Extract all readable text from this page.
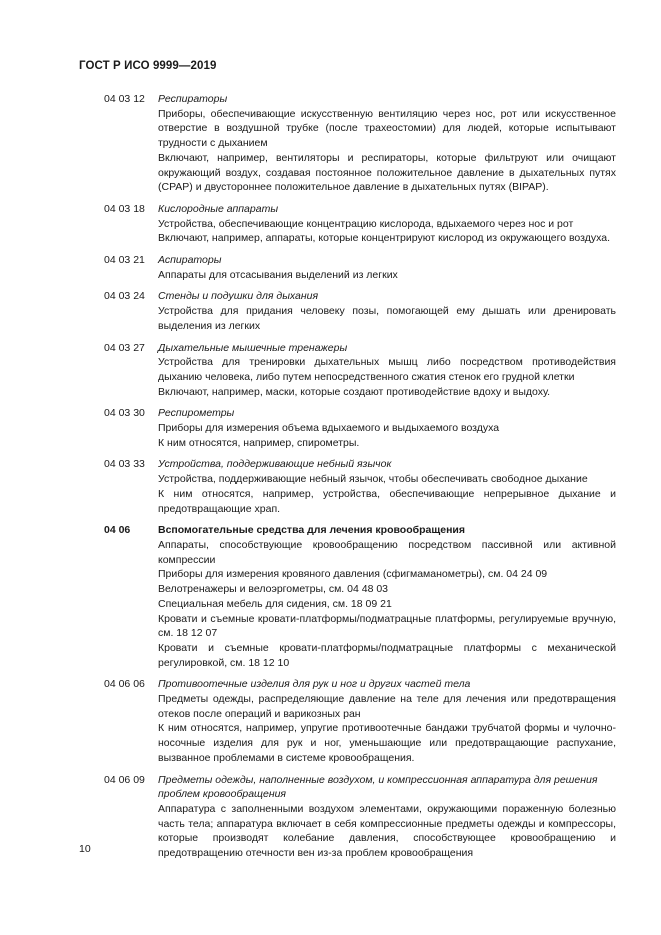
ГОСТ Р ИСО 9999—2019
04 03 12	Респираторы
Приборы, обеспечивающие искусственную вентиляцию через нос, рот или искусственное отверстие в воздушной трубке (после трахеостомии) для людей, которые испытывают трудности с дыханием
Включают, например, вентиляторы и респираторы, которые фильтруют или очищают окружающий воздух, создавая постоянное положительное давление в дыхательных путях (CPAP) и двустороннее положительное давление в дыхательных путях (BIPAP).
04 03 18	Кислородные аппараты
Устройства, обеспечивающие концентрацию кислорода, вдыхаемого через нос и рот
Включают, например, аппараты, которые концентрируют кислород из окружающего воздуха.
04 03 21	Аспираторы
Аппараты для отсасывания выделений из легких
04 03 24	Стенды и подушки для дыхания
Устройства для придания человеку позы, помогающей ему дышать или дренировать выделения из легких
04 03 27	Дыхательные мышечные тренажеры
Устройства для тренировки дыхательных мышц либо посредством противодействия дыханию человека, либо путем непосредственного сжатия стенок его грудной клетки
Включают, например, маски, которые создают противодействие вдоху и выдоху.
04 03 30	Респирометры
Приборы для измерения объема вдыхаемого и выдыхаемого воздуха
К ним относятся, например, спирометры.
04 03 33	Устройства, поддерживающие небный язычок
Устройства, поддерживающие небный язычок, чтобы обеспечивать свободное дыхание
К ним относятся, например, устройства, обеспечивающие непрерывное дыхание и предотвращающие храп.
04 06	Вспомогательные средства для лечения кровообращения
Аппараты, способствующие кровообращению посредством пассивной или активной компрессии
Приборы для измерения кровяного давления (сфигмаманометры), см. 04 24 09
Велотренажеры и велоэргометры, см. 04 48 03
Специальная мебель для сидения, см. 18 09 21
Кровати и съемные кровати-платформы/подматрацные платформы, регулируемые вручную, см. 18 12 07
Кровати и съемные кровати-платформы/подматрацные платформы с механической регулировкой, см. 18 12 10
04 06 06	Противоотечные изделия для рук и ног и других частей тела
Предметы одежды, распределяющие давление на теле для лечения или предотвращения отеков после операций и варикозных ран
К ним относятся, например, упругие противоотечные бандажи трубчатой формы и чулочно-носочные изделия для рук и ног, уменьшающие или предотвращающие распухание, вызванное проблемами в системе кровообращения.
04 06 09	Предметы одежды, наполненные воздухом, и компрессионная аппаратура для решения проблем кровообращения
Аппаратура с заполненными воздухом элементами, окружающими пораженную болезнью часть тела; аппаратура включает в себя компрессионные предметы одежды и компрессоры, которые производят колебание давления, способствующее кровообращению и предотвращению отечности вен из-за проблем кровообращения
10
